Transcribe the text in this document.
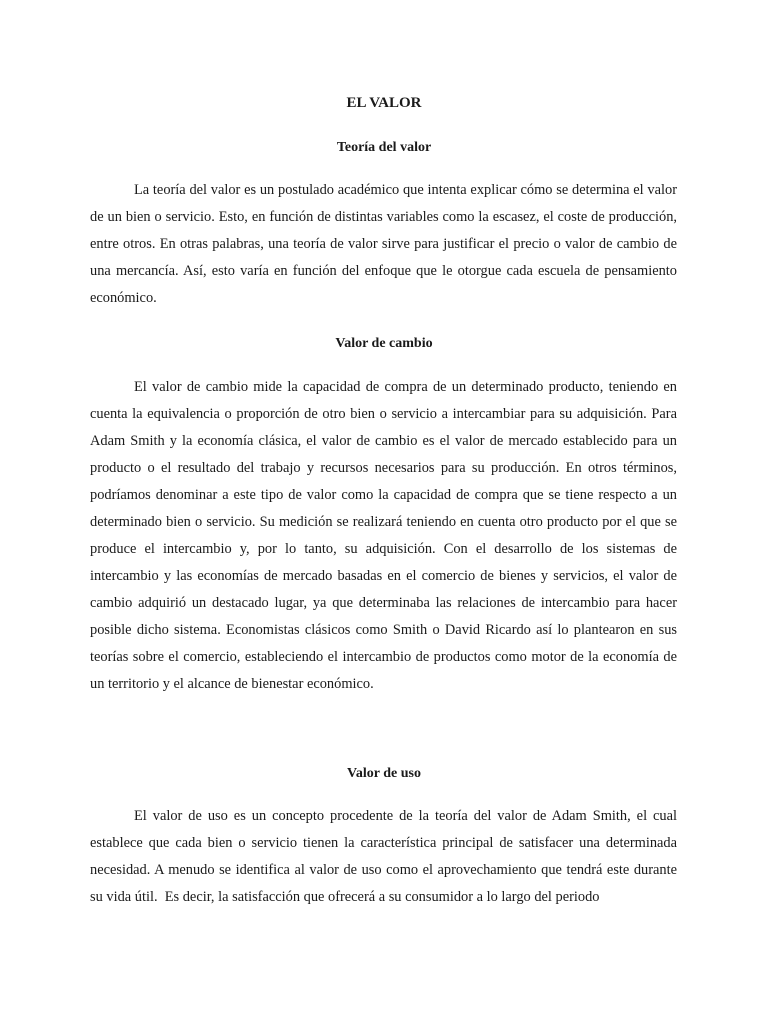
EL VALOR
Teoría del valor

La teoría del valor es un postulado académico que intenta explicar cómo se determina el valor de un bien o servicio. Esto, en función de distintas variables como la escasez, el coste de producción, entre otros. En otras palabras, una teoría de valor sirve para justificar el precio o valor de cambio de una mercancía. Así, esto varía en función del enfoque que le otorgue cada escuela de pensamiento económico.

Valor de cambio

El valor de cambio mide la capacidad de compra de un determinado producto, teniendo en cuenta la equivalencia o proporción de otro bien o servicio a intercambiar para su adquisición. Para Adam Smith y la economía clásica, el valor de cambio es el valor de mercado establecido para un producto o el resultado del trabajo y recursos necesarios para su producción. En otros términos, podríamos denominar a este tipo de valor como la capacidad de compra que se tiene respecto a un determinado bien o servicio. Su medición se realizará teniendo en cuenta otro producto por el que se produce el intercambio y, por lo tanto, su adquisición. Con el desarrollo de los sistemas de intercambio y las economías de mercado basadas en el comercio de bienes y servicios, el valor de cambio adquirió un destacado lugar, ya que determinaba las relaciones de intercambio para hacer posible dicho sistema. Economistas clásicos como Smith o David Ricardo así lo plantearon en sus teorías sobre el comercio, estableciendo el intercambio de productos como motor de la economía de un territorio y el alcance de bienestar económico.

Valor de uso

El valor de uso es un concepto procedente de la teoría del valor de Adam Smith, el cual establece que cada bien o servicio tienen la característica principal de satisfacer una determinada necesidad. A menudo se identifica al valor de uso como el aprovechamiento que tendrá este durante su vida útil.  Es decir, la satisfacción que ofrecerá a su consumidor a lo largo del periodo
